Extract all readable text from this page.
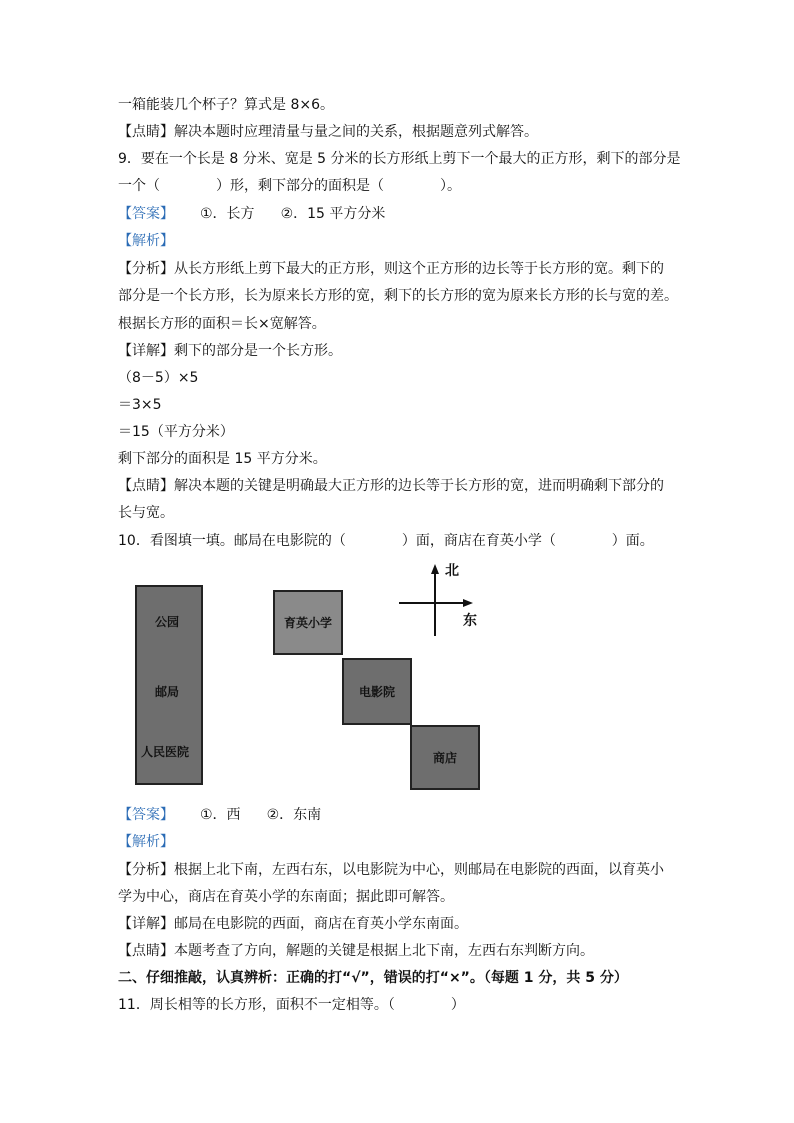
一箱能装几个杯子？算式是 8×6。
【点睛】解决本题时应理清量与量之间的关系，根据题意列式解答。
9．要在一个长是 8 分米、宽是 5 分米的长方形纸上剪下一个最大的正方形，剩下的部分是
一个（　　　　）形，剩下部分的面积是（　　　　）。
【答案】 ①．长方 ②．15 平方分米
【解析】
【分析】从长方形纸上剪下最大的正方形，则这个正方形的边长等于长方形的宽。剩下的
部分是一个长方形，长为原来长方形的宽，剩下的长方形的宽为原来长方形的长与宽的差。
根据长方形的面积＝长×宽解答。
【详解】剩下的部分是一个长方形。
（8－5）×5
＝3×5
＝15（平方分米）
剩下部分的面积是 15 平方分米。
【点睛】解决本题的关键是明确最大正方形的边长等于长方形的宽，进而明确剩下部分的
长与宽。
10．看图填一填。邮局在电影院的（　　　　）面，商店在育英小学（　　　　）面。
公园
邮局
人民医院
育英小学
电影院
商店
北
东
【答案】 ①．西 ②．东南
【解析】
【分析】根据上北下南，左西右东，以电影院为中心，则邮局在电影院的西面，以育英小
学为中心，商店在育英小学的东南面；据此即可解答。
【详解】邮局在电影院的西面，商店在育英小学东南面。
【点睛】本题考查了方向，解题的关键是根据上北下南，左西右东判断方向。
二、仔细推敲，认真辨析：正确的打“√”，错误的打“×”。（每题 1 分，共 5 分）
11．周长相等的长方形，面积不一定相等。（　　　　）
